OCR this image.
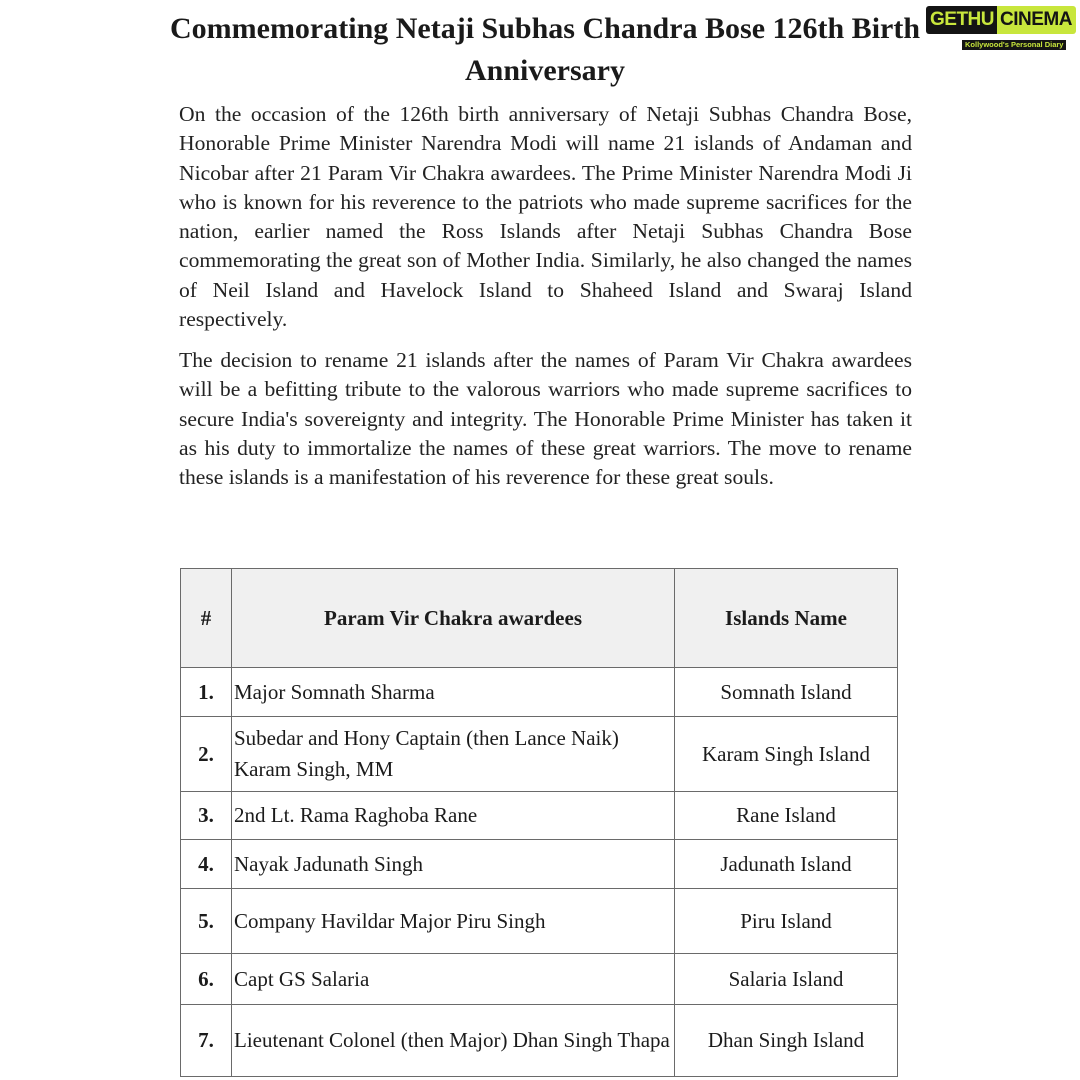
Commemorating Netaji Subhas Chandra Bose 126th Birth Anniversary
GETHU CINEMA
Kollywood's Personal Diary

On the occasion of the 126th birth anniversary of Netaji Subhas Chandra Bose, Honorable Prime Minister Narendra Modi will name 21 islands of Andaman and Nicobar after 21 Param Vir Chakra awardees. The Prime Minister Narendra Modi Ji who is known for his reverence to the patriots who made supreme sacrifices for the nation, earlier named the Ross Islands after Netaji Subhas Chandra Bose commemorating the great son of Mother India. Similarly, he also changed the names of Neil Island and Havelock Island to Shaheed Island and Swaraj Island respectively.

The decision to rename 21 islands after the names of Param Vir Chakra awardees will be a befitting tribute to the valorous warriors who made supreme sacrifices to secure India's sovereignty and integrity. The Honorable Prime Minister has taken it as his duty to immortalize the names of these great warriors. The move to rename these islands is a manifestation of his reverence for these great souls.

#	Param Vir Chakra awardees	Islands Name
1.	Major Somnath Sharma	Somnath Island
2.	Subedar and Hony Captain (then Lance Naik) Karam Singh, MM	Karam Singh Island
3.	2nd Lt. Rama Raghoba Rane	Rane Island
4.	Nayak Jadunath Singh	Jadunath Island
5.	Company Havildar Major Piru Singh	Piru Island
6.	Capt GS Salaria	Salaria Island
7.	Lieutenant Colonel (then Major) Dhan Singh Thapa	Dhan Singh Island
